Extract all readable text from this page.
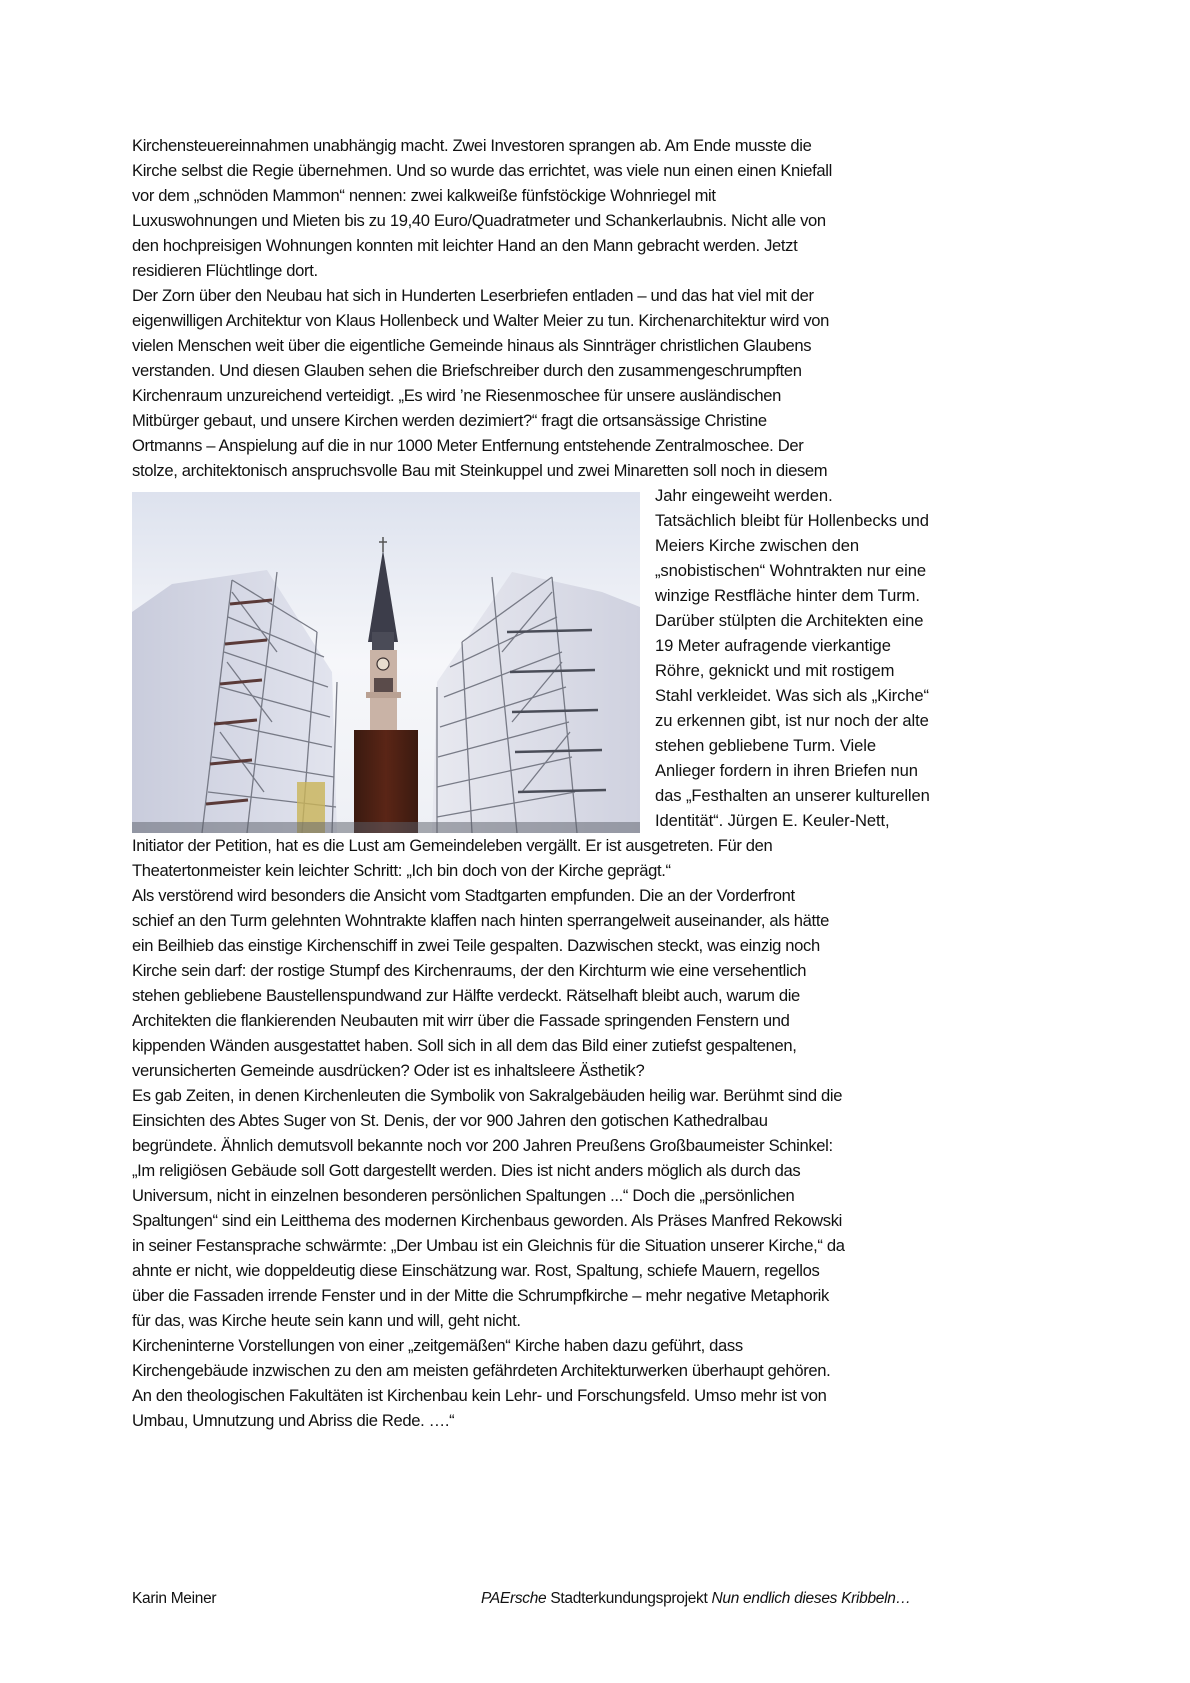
Kirchensteuereinnahmen unabhängig macht. Zwei Investoren sprangen ab. Am Ende musste die
Kirche selbst die Regie übernehmen. Und so wurde das errichtet, was viele nun einen einen Kniefall
vor dem „schnöden Mammon“ nennen: zwei kalkweiße fünfstöckige Wohnriegel mit
Luxuswohnungen und Mieten bis zu 19,40 Euro/Quadratmeter und Schankerlaubnis. Nicht alle von
den hochpreisigen Wohnungen konnten mit leichter Hand an den Mann gebracht werden. Jetzt
residieren Flüchtlinge dort.
Der Zorn über den Neubau hat sich in Hunderten Leserbriefen entladen – und das hat viel mit der
eigenwilligen Architektur von Klaus Hollenbeck und Walter Meier zu tun. Kirchenarchitektur wird von
vielen Menschen weit über die eigentliche Gemeinde hinaus als Sinnträger christlichen Glaubens
verstanden. Und diesen Glauben sehen die Briefschreiber durch den zusammengeschrumpften
Kirchenraum unzureichend verteidigt. „Es wird ’ne Riesenmoschee für unsere ausländischen
Mitbürger gebaut, und unsere Kirchen werden dezimiert?“ fragt die ortsansässige Christine
Ortmanns – Anspielung auf die in nur 1000 Meter Entfernung entstehende Zentralmoschee. Der
stolze, architektonisch anspruchsvolle Bau mit Steinkuppel und zwei Minaretten soll noch in diesem
Jahr eingeweiht werden.
Tatsächlich bleibt für Hollenbecks und
Meiers Kirche zwischen den
„snobistischen“ Wohntrakten nur eine
winzige Restfläche hinter dem Turm.
Darüber stülpten die Architekten eine
19 Meter aufragende vierkantige
Röhre, geknickt und mit rostigem
Stahl verkleidet. Was sich als „Kirche“
zu erkennen gibt, ist nur noch der alte
stehen gebliebene Turm. Viele
Anlieger fordern in ihren Briefen nun
das „Festhalten an unserer kulturellen
Identität“. Jürgen E. Keuler-Nett,
Initiator der Petition, hat es die Lust am Gemeindeleben vergällt. Er ist ausgetreten. Für den
Theatertonmeister kein leichter Schritt: „Ich bin doch von der Kirche geprägt.“
Als verstörend wird besonders die Ansicht vom Stadtgarten empfunden. Die an der Vorderfront
schief an den Turm gelehnten Wohntrakte klaffen nach hinten sperrangelweit auseinander, als hätte
ein Beilhieb das einstige Kirchenschiff in zwei Teile gespalten. Dazwischen steckt, was einzig noch
Kirche sein darf: der rostige Stumpf des Kirchenraums, der den Kirchturm wie eine versehentlich
stehen gebliebene Baustellenspundwand zur Hälfte verdeckt. Rätselhaft bleibt auch, warum die
Architekten die flankierenden Neubauten mit wirr über die Fassade springenden Fenstern und
kippenden Wänden ausgestattet haben. Soll sich in all dem das Bild einer zutiefst gespaltenen,
verunsicherten Gemeinde ausdrücken? Oder ist es inhaltsleere Ästhetik?
Es gab Zeiten, in denen Kirchenleuten die Symbolik von Sakralgebäuden heilig war. Berühmt sind die
Einsichten des Abtes Suger von St. Denis, der vor 900 Jahren den gotischen Kathedralbau
begründete. Ähnlich demutsvoll bekannte noch vor 200 Jahren Preußens Großbaumeister Schinkel:
„Im religiösen Gebäude soll Gott dargestellt werden. Dies ist nicht anders möglich als durch das
Universum, nicht in einzelnen besonderen persönlichen Spaltungen ...“ Doch die „persönlichen
Spaltungen“ sind ein Leitthema des modernen Kirchenbaus geworden. Als Präses Manfred Rekowski
in seiner Festansprache schwärmte: „Der Umbau ist ein Gleichnis für die Situation unserer Kirche,“ da
ahnte er nicht, wie doppeldeutig diese Einschätzung war. Rost, Spaltung, schiefe Mauern, regellos
über die Fassaden irrende Fenster und in der Mitte die Schrumpfkirche – mehr negative Metaphorik
für das, was Kirche heute sein kann und will, geht nicht.
Kircheninterne Vorstellungen von einer „zeitgemäßen“ Kirche haben dazu geführt, dass
Kirchengebäude inzwischen zu den am meisten gefährdeten Architekturwerken überhaupt gehören.
An den theologischen Fakultäten ist Kirchenbau kein Lehr- und Forschungsfeld. Umso mehr ist von
Umbau, Umnutzung und Abriss die Rede. ….“
Karin Meiner	PAErsche Stadterkundungsprojekt Nun endlich dieses Kribbeln…
